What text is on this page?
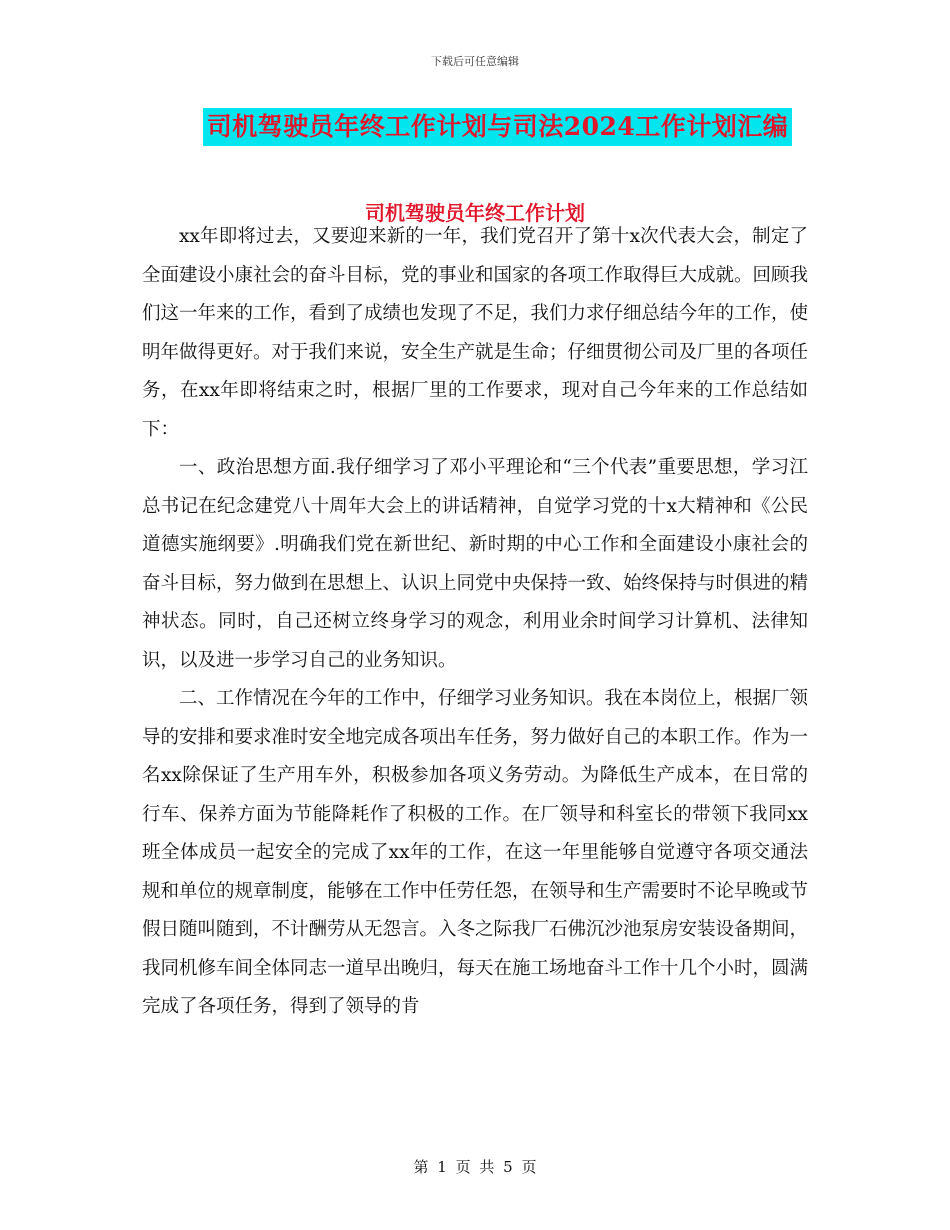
下载后可任意编辑
司机驾驶员年终工作计划与司法2024工作计划汇编
司机驾驶员年终工作计划

xx年即将过去，又要迎来新的一年，我们党召开了第十x次代表大会，制定了全面建设小康社会的奋斗目标，党的事业和国家的各项工作取得巨大成就。回顾我们这一年来的工作，看到了成绩也发现了不足，我们力求仔细总结今年的工作，使明年做得更好。对于我们来说，安全生产就是生命；仔细贯彻公司及厂里的各项任务，在xx年即将结束之时，根据厂里的工作要求，现对自己今年来的工作总结如下：

一、政治思想方面.我仔细学习了邓小平理论和“三个代表”重要思想，学习江总书记在纪念建党八十周年大会上的讲话精神，自觉学习党的十x大精神和《公民道德实施纲要》.明确我们党在新世纪、新时期的中心工作和全面建设小康社会的奋斗目标，努力做到在思想上、认识上同党中央保持一致、始终保持与时俱进的精神状态。同时，自己还树立终身学习的观念，利用业余时间学习计算机、法律知识，以及进一步学习自己的业务知识。

二、工作情况在今年的工作中，仔细学习业务知识。我在本岗位上，根据厂领导的安排和要求准时安全地完成各项出车任务，努力做好自己的本职工作。作为一名xx除保证了生产用车外，积极参加各项义务劳动。为降低生产成本，在日常的行车、保养方面为节能降耗作了积极的工作。在厂领导和科室长的带领下我同xx班全体成员一起安全的完成了xx年的工作，在这一年里能够自觉遵守各项交通法规和单位的规章制度，能够在工作中任劳任怨，在领导和生产需要时不论早晚或节假日随叫随到，不计酬劳从无怨言。入冬之际我厂石佛沉沙池泵房安装设备期间，我同机修车间全体同志一道早出晚归，每天在施工场地奋斗工作十几个小时，圆满完成了各项任务，得到了领导的肯

第 1 页 共 5 页
